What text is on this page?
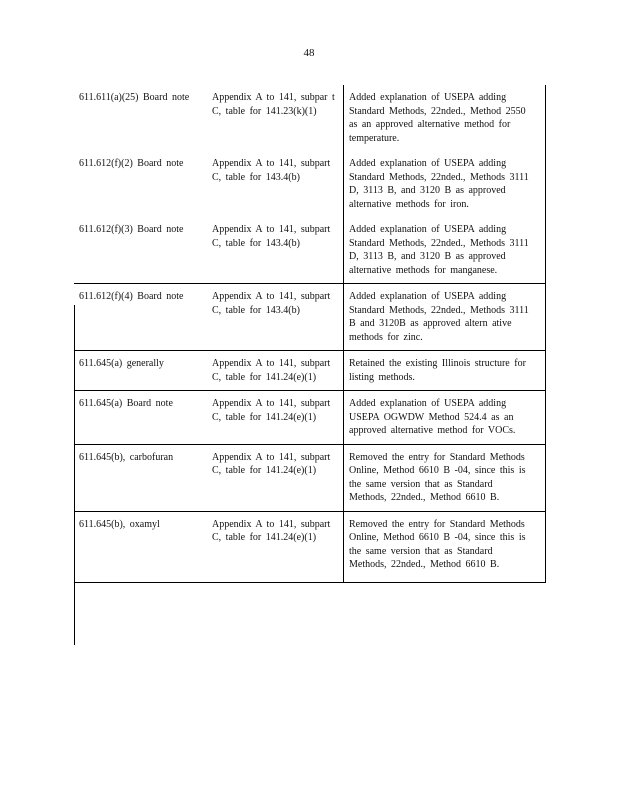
48
611.611(a)(25) Board note	Appendix A to 141, subpar t C, table for 141.23(k)(1)	Added explanation of USEPA adding Standard Methods, 22nded., Method 2550 as an approved alternative method for temperature.
611.612(f)(2) Board note	Appendix A to 141, subpart C, table for 143.4(b)	Added explanation of USEPA adding Standard Methods, 22nded., Methods 3111 D, 3113 B, and 3120 B as approved alternative methods for iron.
611.612(f)(3) Board note	Appendix A to 141, subpart C, table for 143.4(b)	Added explanation of USEPA adding Standard Methods, 22nded., Methods 3111 D, 3113 B, and 3120 B as approved alternative methods for manganese.
611.612(f)(4) Board note	Appendix A to 141, subpart C, table for 143.4(b)	Added explanation of USEPA adding Standard Methods, 22nded., Methods 3111 B and 3120B as approved altern ative methods for zinc.
611.645(a) generally	Appendix A to 141, subpart C, table for 141.24(e)(1)	Retained the existing Illinois structure for listing methods.
611.645(a) Board note	Appendix A to 141, subpart C, table for 141.24(e)(1)	Added explanation of USEPA adding USEPA OGWDW Method 524.4 as an approved alternative method for VOCs.
611.645(b), carbofuran	Appendix A to 141, subpart C, table for 141.24(e)(1)	Removed the entry for Standard Methods Online, Method 6610 B -04, since this is the same version that as Standard Methods, 22nded., Method 6610 B.
611.645(b), oxamyl	Appendix A to 141, subpart C, table for 141.24(e)(1)	Removed the entry for Standard Methods Online, Method 6610 B -04, since this is the same version that as Standard Methods, 22nded., Method 6610 B.
